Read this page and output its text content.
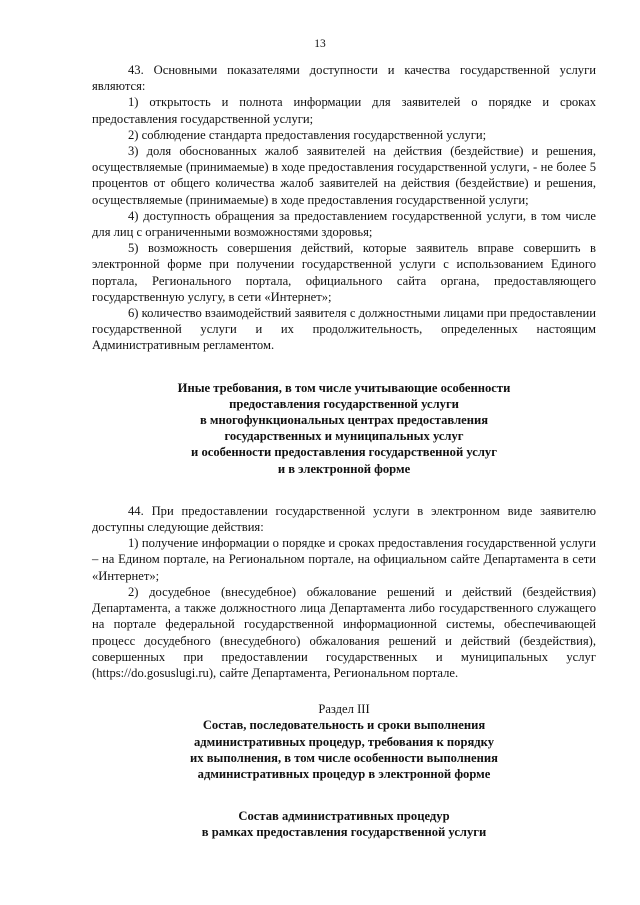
13

43. Основными показателями доступности и качества государственной услуги являются:

1) открытость и полнота информации для заявителей о порядке и сроках предоставления государственной услуги;

2) соблюдение стандарта предоставления государственной услуги;

3) доля обоснованных жалоб заявителей на действия (бездействие) и решения, осуществляемые (принимаемые) в ходе предоставления государственной услуги, - не более 5 процентов от общего количества жалоб заявителей на действия (бездействие) и решения, осуществляемые (принимаемые) в ходе предоставления государственной услуги;

4) доступность обращения за предоставлением государственной услуги, в том числе для лиц с ограниченными возможностями здоровья;

5) возможность совершения действий, которые заявитель вправе совершить в электронной форме при получении государственной услуги с использованием Единого портала, Регионального портала, официального сайта органа, предоставляющего государственную услугу, в сети «Интернет»;

6) количество взаимодействий заявителя с должностными лицами при предоставлении государственной услуги и их продолжительность, определенных настоящим Административным регламентом.

Иные требования, в том числе учитывающие особенности

предоставления государственной услуги

в многофункциональных центрах предоставления

государственных и муниципальных услуг

и особенности предоставления государственной услуг

и в электронной форме

44. При предоставлении государственной услуги в электронном виде заявителю доступны следующие действия:

1) получение информации о порядке и сроках предоставления государственной услуги – на Едином портале, на Региональном портале, на официальном сайте Департамента в сети «Интернет»;

2) досудебное (внесудебное) обжалование решений и действий (бездействия) Департамента, а также должностного лица Департамента либо государственного служащего на портале федеральной государственной информационной системы, обеспечивающей процесс досудебного (внесудебного) обжалования решений и действий (бездействия), совершенных при предоставлении государственных и муниципальных услуг (https://do.gosuslugi.ru), сайте Департамента, Региональном портале.

Раздел III

Состав, последовательность и сроки выполнения

административных процедур, требования к порядку

их выполнения, в том числе особенности выполнения

административных процедур в электронной форме

Состав административных процедур

в рамках предоставления государственной услуги
